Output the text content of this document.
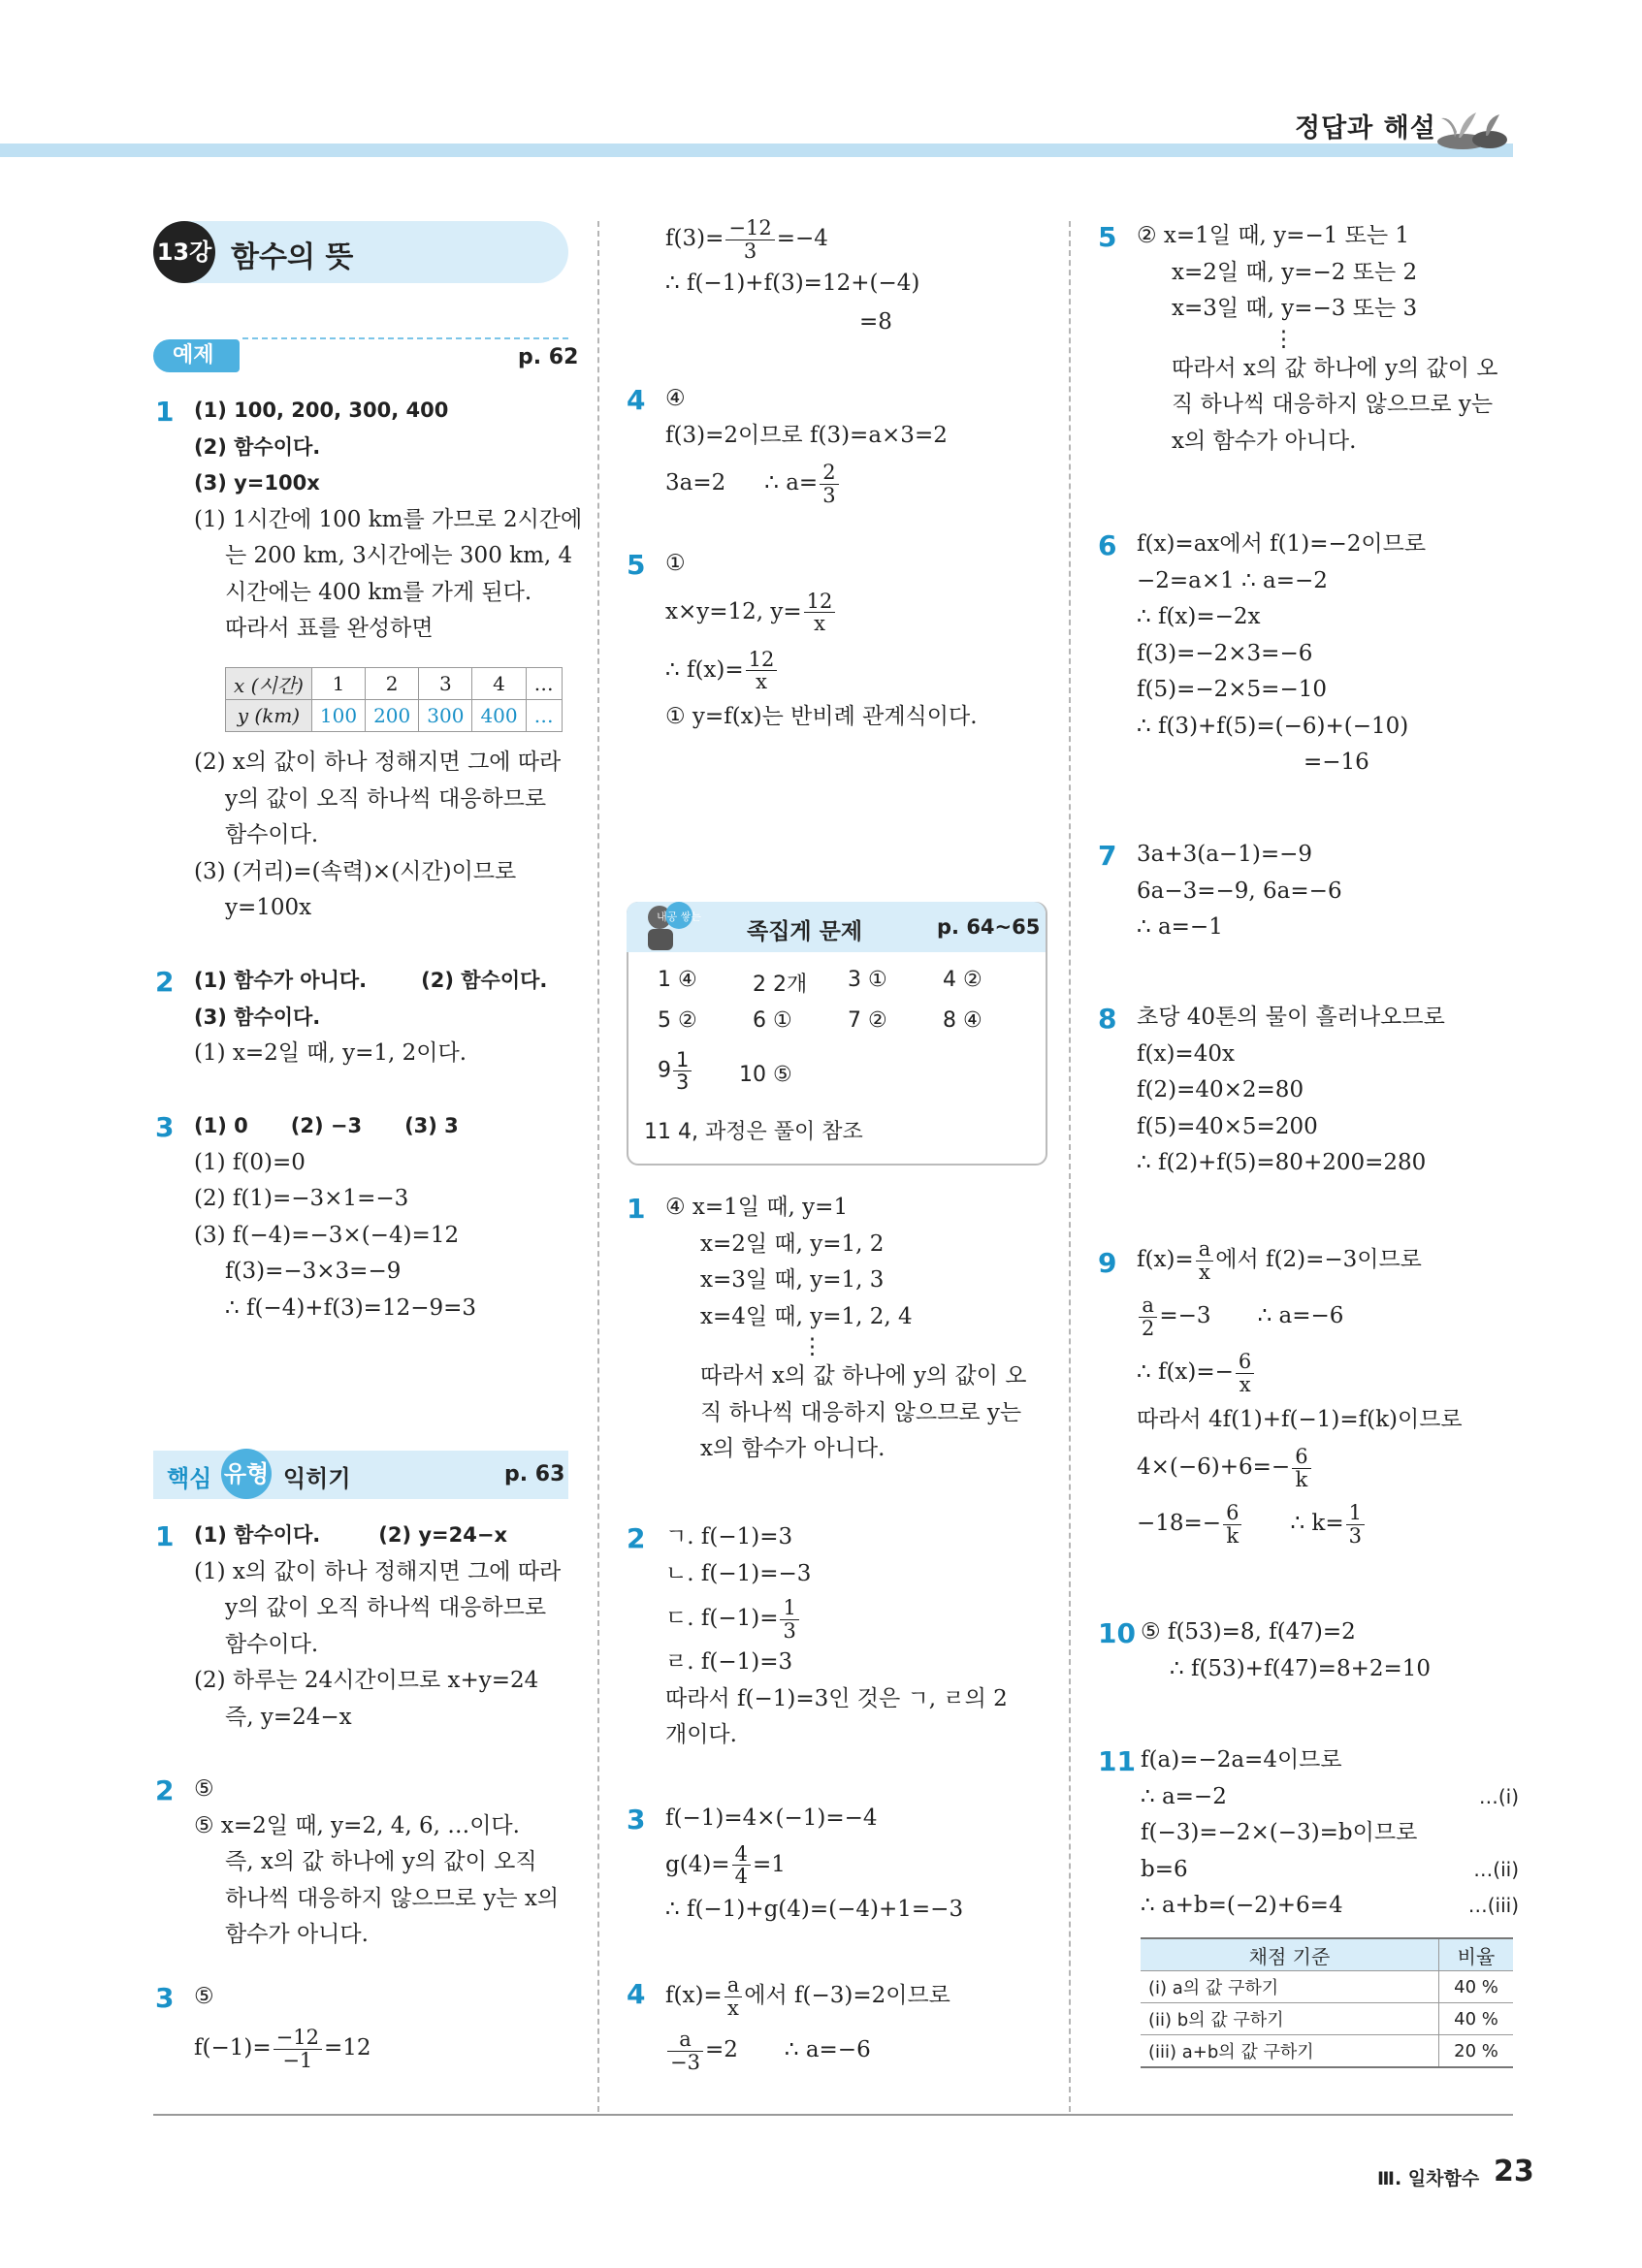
정답과 해설
13강 함수의 뜻
예제	p. 62
1 (1) 100, 200, 300, 400
(2) 함수이다.
(3) y=100x
(1) 1시간에 100 km를 가므로 2시간에
는 200 km, 3시간에는 300 km, 4
시간에는 400 km를 가게 된다.
따라서 표를 완성하면
x (시간)	1	2	3	4	…
y (km)	100	200	300	400	…
(2) x의 값이 하나 정해지면 그에 따라
y의 값이 오직 하나씩 대응하므로
함수이다.
(3) (거리)=(속력)×(시간)이므로
y=100x
2 (1) 함수가 아니다.	(2) 함수이다.
(3) 함수이다.
(1) x=2일 때, y=1, 2이다.
3 (1) 0 (2) −3 (3) 3
(1) f(0)=0
(2) f(1)=−3×1=−3
(3) f(−4)=−3×(−4)=12
f(3)=−3×3=−9
∴ f(−4)+f(3)=12−9=3
핵심 유형 익히기	p. 63
1 (1) 함수이다.	(2) y=24−x
(1) x의 값이 하나 정해지면 그에 따라
y의 값이 오직 하나씩 대응하므로
함수이다.
(2) 하루는 24시간이므로 x+y=24
즉, y=24−x
2 ⑤
⑤ x=2일 때, y=2, 4, 6, …이다.
즉, x의 값 하나에 y의 값이 오직
하나씩 대응하지 않으므로 y는 x의
함수가 아니다.
3 ⑤
$f(-1)= \frac{-12}{-1} =12$
$f(3)= \frac{-12}{3} =-4$
∴ f(−1)+f(3)=12+(−4)
=8
4 ④
f(3)=2이므로 f(3)=a×3=2
3a=2 ∴ $a= \frac{2}{3}$
5 ①
x×y=12, $y= \frac{12}{x}$
∴ $f(x)= \frac{12}{x}$
① y=f(x)는 반비례 관계식이다.
내공 쌓는
족집게 문제	p. 64~65
1 ④	2 2개 3 ①	4 ②
5 ②	6 ①	7 ②	8 ④
$9 \frac{1}{3} 10$ ⑤
11 4, 과정은 풀이 참조
1 ④ x=1일 때, y=1
x=2일 때, y=1, 2
x=3일 때, y=1, 3
x=4일 때, y=1, 2, 4
⋮
따라서 x의 값 하나에 y의 값이 오
직 하나씩 대응하지 않으므로 y는
x의 함수가 아니다.
2 ㄱ. f(−1)=3
ㄴ. f(−1)=−3
ㄷ. $f(-1)= \frac{1}{3}$
ㄹ. f(−1)=3
따라서 f(−1)=3인 것은 ㄱ, ㄹ의 2
개이다.
3 f(−1)=4×(−1)=−4
$g(4)= \frac{4}{4} =1$
∴ f(−1)+g(4)=(−4)+1=−3
4 $f(x)= \frac{a}{x}$ 에서 f(−3)=2이므로
$\frac{a}{-3} =2$ ∴ a=−6
5 ② x=1일 때, y=−1 또는 1
x=2일 때, y=−2 또는 2
x=3일 때, y=−3 또는 3
⋮
따라서 x의 값 하나에 y의 값이 오
직 하나씩 대응하지 않으므로 y는
x의 함수가 아니다.
6 f(x)=ax에서 f(1)=−2이므로
−2=a×1 ∴ a=−2
∴ f(x)=−2x
f(3)=−2×3=−6
f(5)=−2×5=−10
∴ f(3)+f(5)=(−6)+(−10)
=−16
7 3a+3(a−1)=−9
6a−3=−9, 6a=−6
∴ a=−1
8 초당 40톤의 물이 흘러나오므로
f(x)=40x
f(2)=40×2=80
f(5)=40×5=200
∴ f(2)+f(5)=80+200=280
9 $f(x)= \frac{a}{x}$ 에서 f(2)=−3이므로
$\frac{a}{2} =-3$ ∴ a=−6
∴ $f(x)=- \frac{6}{x}$
따라서 4f(1)+f(−1)=f(k)이므로
$4\times(-6)+6=- \frac{6}{k}$
$-18=- \frac{6}{k}$ ∴ $k= \frac{1}{3}$
10 ⑤ f(53)=8, f(47)=2
∴ f(53)+f(47)=8+2=10
11 f(a)=−2a=4이므로
∴ a=−2	…(i)
f(−3)=−2×(−3)=b이므로
b=6	…(ii)
∴ a+b=(−2)+6=4	…(iii)
채점 기준	비율
(i) a의 값 구하기	40 %
(ii) b의 값 구하기	40 %
(iii) a+b의 값 구하기	20 %
Ⅲ. 일차함수 23
